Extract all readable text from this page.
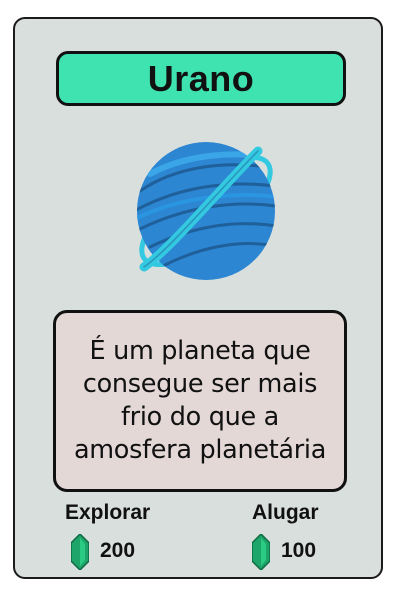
Urano
É um planeta que
consegue ser mais
frio do que a
amosfera planetária
Explorar
200
Alugar
100
